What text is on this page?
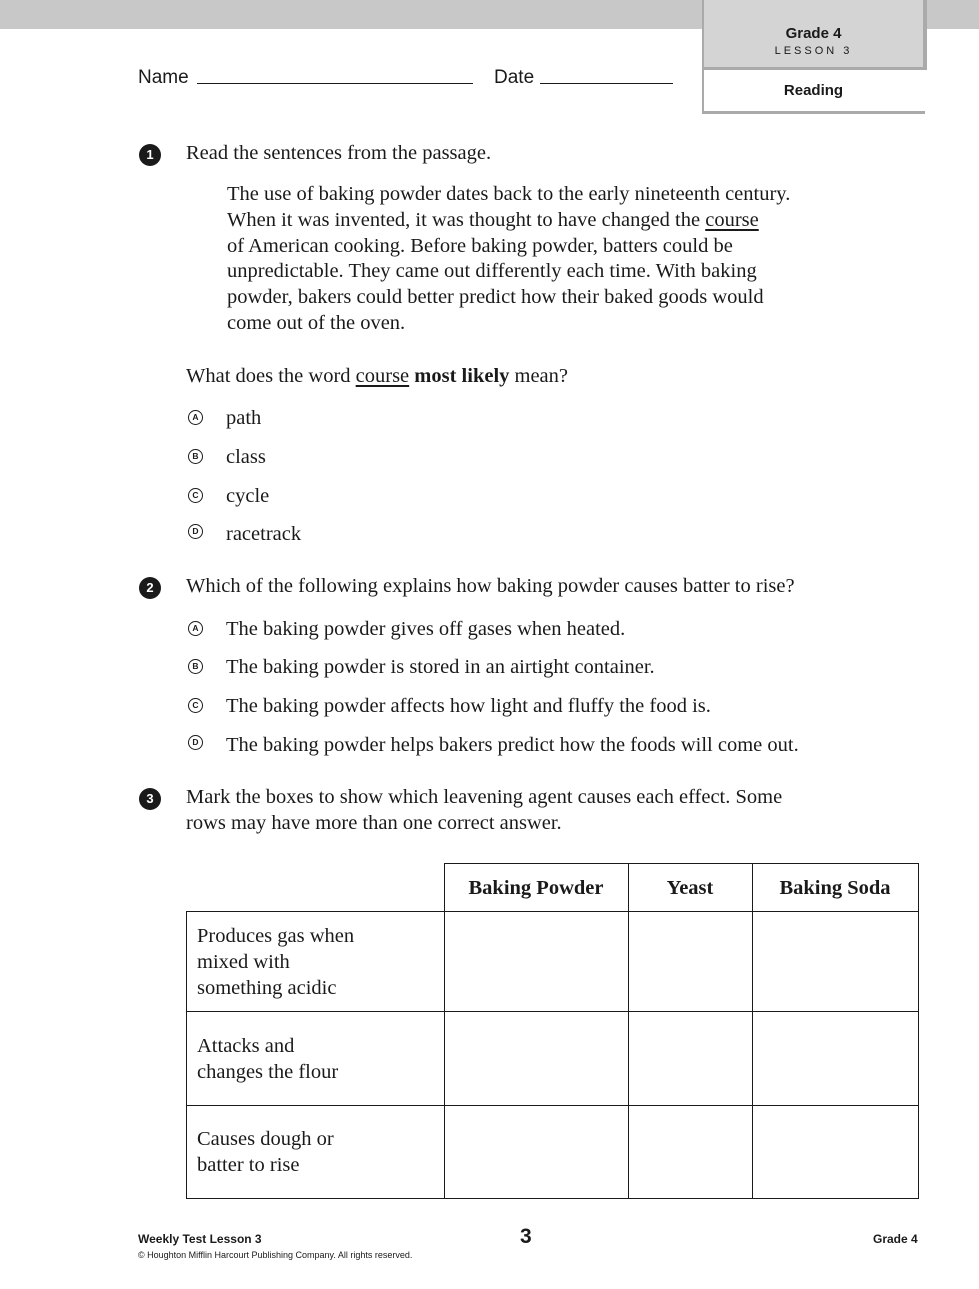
Grade 4
LESSON 3
Reading
Name	Date
1	Read the sentences from the passage.
The use of baking powder dates back to the early nineteenth century.
When it was invented, it was thought to have changed the course
of American cooking. Before baking powder, batters could be
unpredictable. They came out differently each time. With baking
powder, bakers could better predict how their baked goods would
come out of the oven.
What does the word course most likely mean?
A path
B class
C cycle
D racetrack
2	Which of the following explains how baking powder causes batter to rise?
A The baking powder gives off gases when heated.
B The baking powder is stored in an airtight container.
C The baking powder affects how light and fluffy the food is.
D The baking powder helps bakers predict how the foods will come out.
3	Mark the boxes to show which leavening agent causes each effect. Some
rows may have more than one correct answer.
	Baking Powder	Yeast	Baking Soda

Produces gas when
mixed with
something acidic			

Attacks and
changes the flour			

Causes dough or
batter to rise			

Weekly Test Lesson 3
© Houghton Mifflin Harcourt Publishing Company. All rights reserved.
3	Grade 4
